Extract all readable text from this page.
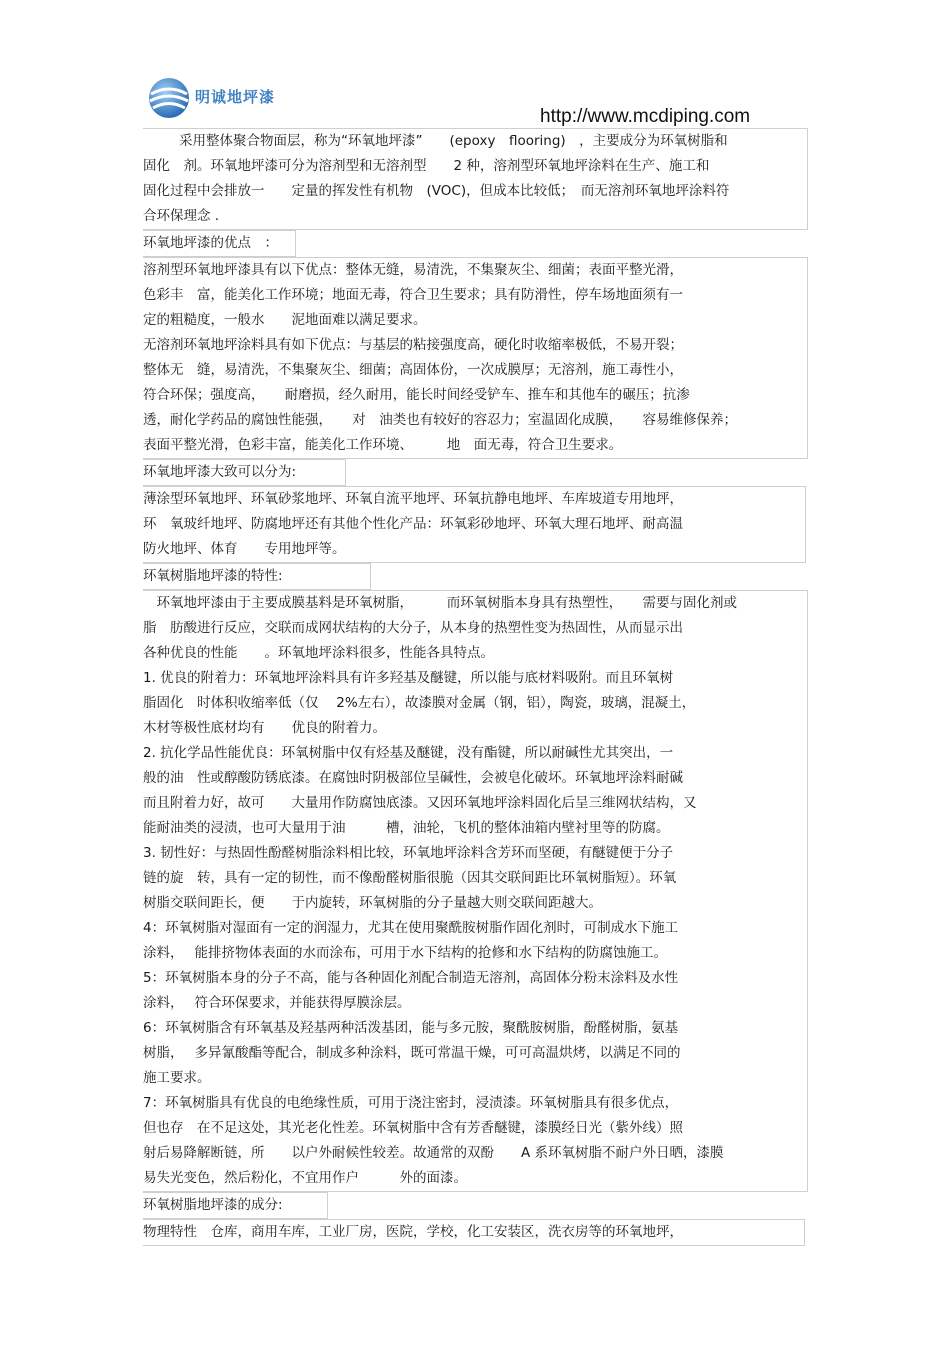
明诚地坪漆
http://www.mcdiping.com
采用整体聚合物面层，称为“环氧地坪漆”　　(epoxy　flooring)　，主要成分为环氧树脂和
固化　剂。环氧地坪漆可分为溶剂型和无溶剂型　　2 种，溶剂型环氧地坪涂料在生产、施工和
固化过程中会排放一　　定量的挥发性有机物　(VOC)，但成本比较低；　而无溶剂环氧地坪涂料符
合环保理念 .
环氧地坪漆的优点　：
溶剂型环氧地坪漆具有以下优点：整体无缝，易清洗，不集聚灰尘、细菌；表面平整光滑，
色彩丰　富，能美化工作环境；地面无毒，符合卫生要求；具有防滑性，停车场地面须有一
定的粗糙度，一般水　　泥地面难以满足要求。
无溶剂环氧地坪涂料具有如下优点：与基层的粘接强度高，硬化时收缩率极低，不易开裂；
整体无　缝，易清洗，不集聚灰尘、细菌；高固体份，一次成膜厚；无溶剂，施工毒性小，
符合环保；强度高，　　耐磨损，经久耐用，能长时间经受铲车、推车和其他车的碾压；抗渗
透，耐化学药品的腐蚀性能强，　　对　油类也有较好的容忍力；室温固化成膜，　　容易维修保养；
表面平整光滑，色彩丰富，能美化工作环境、　　　地　面无毒，符合卫生要求。
环氧地坪漆大致可以分为:
薄涂型环氧地坪、环氧砂浆地坪、环氧自流平地坪、环氧抗静电地坪、车库坡道专用地坪，
环　氧玻纤地坪、防腐地坪还有其他个性化产品：环氧彩砂地坪、环氧大理石地坪、耐高温
防火地坪、体育　　专用地坪等。
环氧树脂地坪漆的特性:
　环氧地坪漆由于主要成膜基料是环氧树脂，　　　而环氧树脂本身具有热塑性，　　需要与固化剂或
脂　肪酸进行反应，交联而成网状结构的大分子，从本身的热塑性变为热固性，从而显示出
各种优良的性能　　。环氧地坪涂料很多，性能各具特点。
1. 优良的附着力：环氧地坪涂料具有许多羟基及醚键，所以能与底材料吸附。而且环氧树
脂固化　时体积收缩率低（仅　 2%左右），故漆膜对金属（钢，铝），陶瓷，玻璃，混凝土，
木材等极性底材均有　　优良的附着力。
2. 抗化学品性能优良：环氧树脂中仅有烃基及醚键，没有酯键，所以耐碱性尤其突出，一
般的油　性或醇酸防锈底漆。在腐蚀时阴极部位呈碱性，会被皂化破坏。环氧地坪涂料耐碱
而且附着力好，故可　　大量用作防腐蚀底漆。又因环氧地坪涂料固化后呈三维网状结构，又
能耐油类的浸渍，也可大量用于油　　　槽，油轮，飞机的整体油箱内壁衬里等的防腐。
3. 韧性好：与热固性酚醛树脂涂料相比较，环氧地坪涂料含芳环而坚硬，有醚键便于分子
链的旋　转，具有一定的韧性，而不像酚醛树脂很脆（因其交联间距比环氧树脂短）。环氧
树脂交联间距长，便　　于内旋转，环氧树脂的分子量越大则交联间距越大。
4：环氧树脂对湿面有一定的润湿力，尤其在使用聚酰胺树脂作固化剂时，可制成水下施工
涂料，　 能排挤物体表面的水而涂布，可用于水下结构的抢修和水下结构的防腐蚀施工。
5：环氧树脂本身的分子不高，能与各种固化剂配合制造无溶剂，高固体分粉末涂料及水性
涂料，　 符合环保要求，并能获得厚膜涂层。
6：环氧树脂含有环氧基及羟基两种活泼基团，能与多元胺，聚酰胺树脂，酚醛树脂，氨基
树脂，　 多异氰酸酯等配合，制成多种涂料，既可常温干燥，可可高温烘烤，以满足不同的
施工要求。
7：环氧树脂具有优良的电绝缘性质，可用于浇注密封，浸渍漆。环氧树脂具有很多优点，
但也存　在不足这处，其光老化性差。环氧树脂中含有芳香醚键，漆膜经日光（紫外线）照
射后易降解断链，所　　以户外耐候性较差。故通常的双酚　　A 系环氧树脂不耐户外日晒，漆膜
易失光变色，然后粉化，不宜用作户　　　外的面漆。
环氧树脂地坪漆的成分:
物理特性　仓库，商用车库，工业厂房，医院，学校，化工安装区，洗衣房等的环氧地坪，
